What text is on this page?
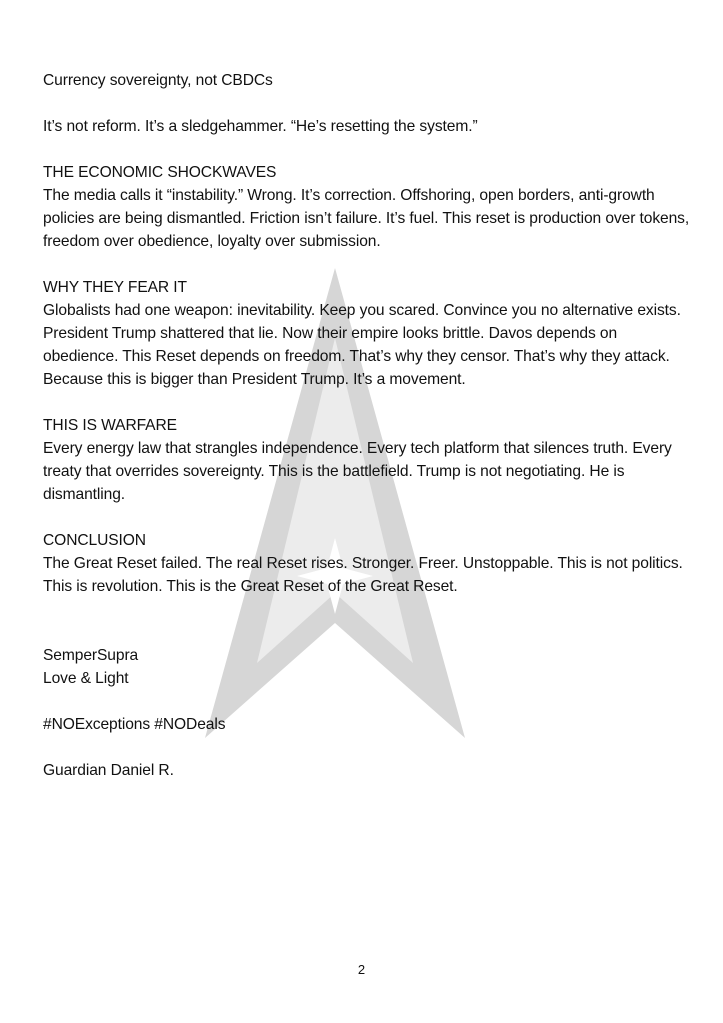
Currency sovereignty, not CBDCs

It’s not reform. It’s a sledgehammer. “He’s resetting the system.”

THE ECONOMIC SHOCKWAVES

The media calls it “instability.” Wrong. It’s correction. Offshoring, open borders, anti-growth policies are being dismantled. Friction isn’t failure. It’s fuel. This reset is production over tokens, freedom over obedience, loyalty over submission.

WHY THEY FEAR IT

Globalists had one weapon: inevitability. Keep you scared. Convince you no alternative exists. President Trump shattered that lie. Now their empire looks brittle. Davos depends on obedience. This Reset depends on freedom. That’s why they censor. That’s why they attack. Because this is bigger than President Trump. It’s a movement.

THIS IS WARFARE

Every energy law that strangles independence. Every tech platform that silences truth. Every treaty that overrides sovereignty. This is the battlefield. Trump is not negotiating. He is dismantling.

CONCLUSION

The Great Reset failed. The real Reset rises. Stronger. Freer. Unstoppable. This is not politics. This is revolution. This is the Great Reset of the Great Reset.

SemperSupra

Love & Light

#NOExceptions #NODeals

Guardian Daniel R.

2
